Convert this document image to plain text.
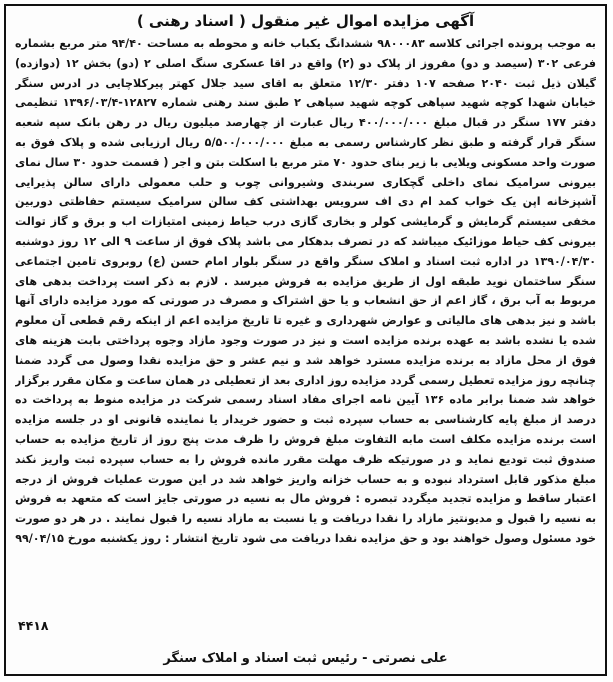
آگهی مزایده اموال غیر منقول ( اسناد رهنی )
به موجب پرونده اجرائی کلاسه ۹۸۰۰۰۸۳ ششدانگ یکباب خانه و محوطه به مساحت ۹۴/۴۰ متر مربع بشماره فرعی ۳۰۲ (سیصد و دو) مفروز از پلاک دو (۲) واقع در اقا عسکری سنگ اصلی ۲ (دو) بخش ۱۲ (دوازده) گیلان ذیل ثبت ۲۰۴۰ صفحه ۱۰۷ دفتر ۱۲/۳۰ متعلق به اقای سید جلال کهتر پیرکلاچایی در ادرس سنگر خیابان شهدا کوچه شهید سپاهی کوچه شهید سپاهی ۲ طبق سند رهنی شماره ۱۲۸۲۷-۱۳۹۶/۰۳/۴ تنظیمی دفتر ۱۷۷ سنگر در قبال مبلغ ۴۰۰/۰۰۰/۰۰۰ ریال عبارت از چهارصد میلیون ریال در رهن بانک سپه شعبه سنگر قرار گرفته و طبق نظر کارشناس رسمی به مبلغ ۵/۵۰۰/۰۰۰/۰۰۰ ریال ارزیابی شده و پلاک فوق به صورت واحد مسکونی ویلایی با زیر بنای حدود ۷۰ متر مربع با اسکلت بتن و اجر ( قسمت حدود ۳۰ سال نمای بیرونی سرامیک نمای داخلی گچکاری سربندی وشیروانی چوب و حلب معمولی دارای سالن پذیرایی آشپزخانه اپن یک خواب کمد ام دی اف سرویس بهداشتی کف سالن سرامیک سیستم حفاظتی دوربین مخفی سیستم گرمایش و گرمایشی کولر و بخاری گازی درب حیاط زمینی امتیازات اب و برق و گاز توالت بیرونی کف حیاط موزائیک میباشد که در تصرف بدهکار می باشد پلاک فوق از ساعت ۹ الی ۱۲ روز دوشنبه ۱۳۹۰/۰۴/۳۰ در اداره ثبت اسناد و املاک سنگر واقع در سنگر بلوار امام حسن (ع) روبروی تامین اجتماعی سنگر ساختمان نوید طبقه اول از طریق مزایده به فروش میرسد . لازم به ذکر است پرداخت بدهی های مربوط به آب برق ، گاز اعم از حق انشعاب و یا حق اشتراک و مصرف در صورتی که مورد مزایده دارای آنها باشد و نیز بدهی های مالیاتی و عوارض شهرداری و غیره تا تاریخ مزایده اعم از اینکه رقم قطعی آن معلوم شده یا نشده باشد به عهده برنده مزایده است و نیز در صورت وجود مازاد وجوه پرداختی بابت هزینه های فوق از محل مازاد به برنده مزایده مسترد خواهد شد و نیم عشر و حق مزایده نقدا وصول می گردد ضمنا چنانچه روز مزایده تعطیل رسمی گردد مزایده روز اداری بعد از تعطیلی در همان ساعت و مکان مقرر برگزار خواهد شد ضمنا برابر ماده ۱۳۶ آیین نامه اجرای مفاد اسناد رسمی شرکت در مزایده منوط به پرداخت ده درصد از مبلغ پایه کارشناسی به حساب سپرده ثبت و حضور خریدار یا نماینده قانونی او در جلسه مزایده است برنده مزایده مکلف است مابه التفاوت مبلغ فروش را ظرف مدت پنج روز از تاریخ مزایده به حساب صندوق ثبت تودیع نماید و در صورتیکه ظرف مهلت مقرر مانده فروش را به حساب سپرده ثبت واریز نکند مبلغ مذکور قابل استرداد نبوده و به حساب خزانه واریز خواهد شد در این صورت عملیات فروش از درجه اعتبار ساقط و مزایده تجدید میگردد تبصره : فروش مال به نسیه در صورتی جایز است که متعهد به فروش به نسیه را قبول و مدیونتیز مازاد را نقدا دریافت و یا نسبت به مازاد نسیه را قبول نمایند . در هر دو صورت خود مسئول وصول خواهند بود و حق مزایده نقدا دریافت می شود تاریخ انتشار : روز یکشنبه مورخ ۹۹/۰۴/۱۵
۴۴۱۸
علی نصرتی - رئیس ثبت اسناد و املاک سنگر
